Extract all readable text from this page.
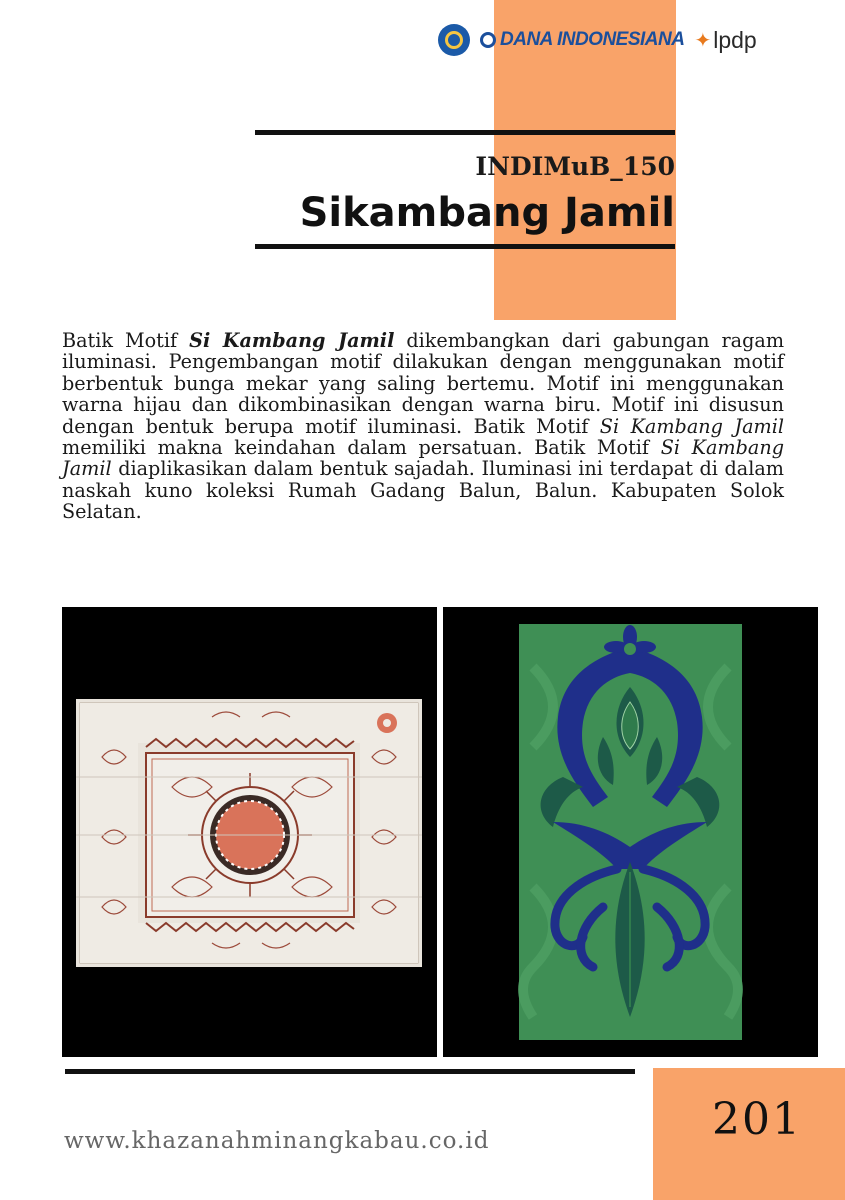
DANA INDONESIANA ✦ lpdp
INDIMuB_150
Sikambang Jamil
Batik Motif Si Kambang Jamil dikembangkan dari gabungan ragam iluminasi. Pengembangan motif dilakukan dengan menggunakan motif berbentuk bunga mekar yang saling bertemu. Motif ini menggunakan warna hijau dan dikombinasikan dengan warna biru. Motif ini disusun dengan bentuk berupa motif iluminasi. Batik Motif Si Kambang Jamil memiliki makna keindahan dalam persatuan. Batik Motif Si Kambang Jamil diaplikasikan dalam bentuk sajadah. Iluminasi ini terdapat di dalam naskah kuno koleksi Rumah Gadang Balun, Balun. Kabupaten Solok Selatan.
www.khazanahminangkabau.co.id	201
